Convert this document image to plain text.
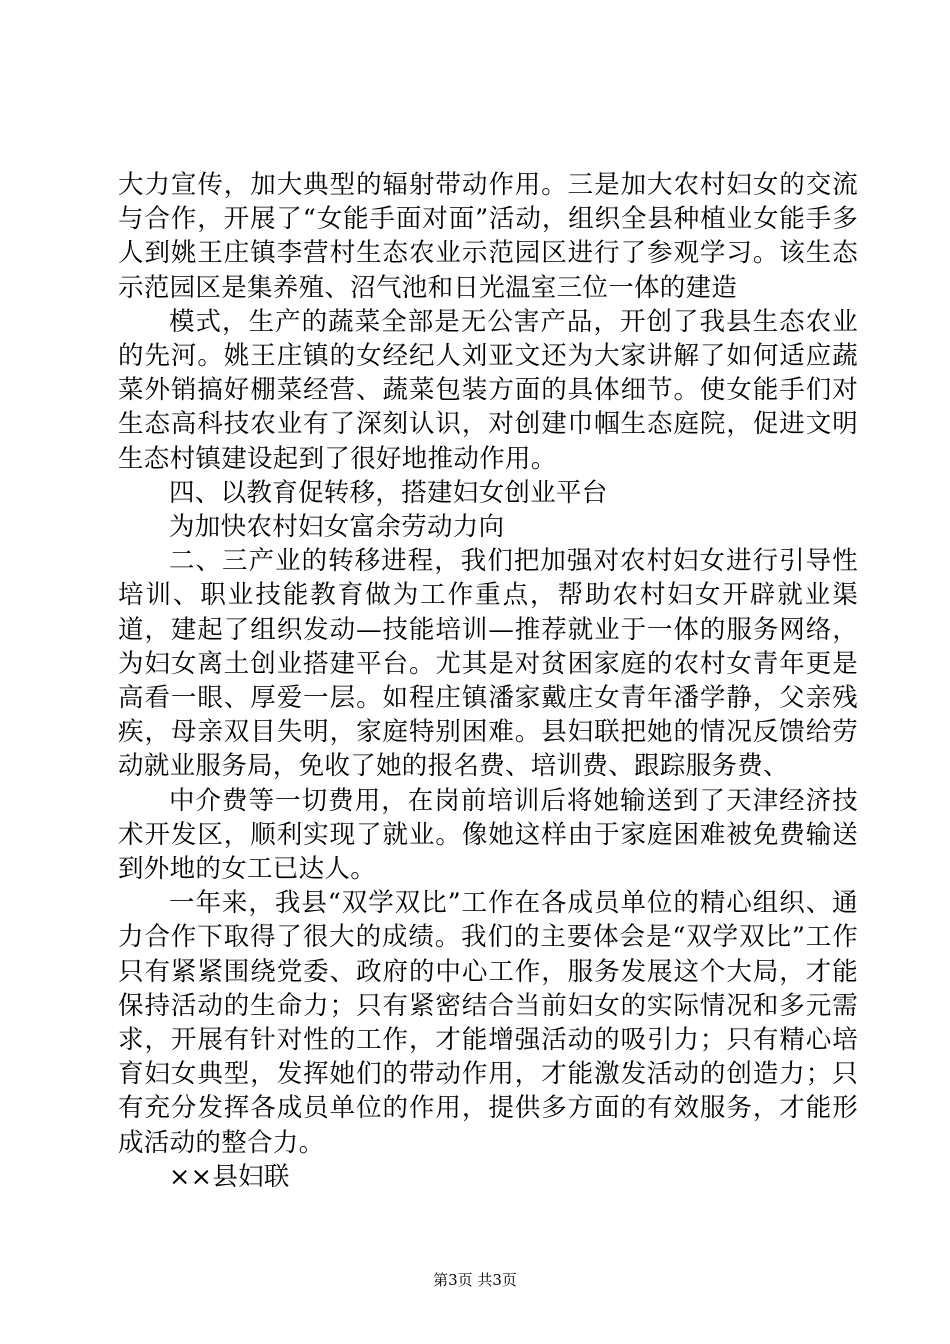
大力宣传，加大典型的辐射带动作用。三是加大农村妇女的交流与合作，开展了“女能手面对面”活动，组织全县种植业女能手多人到姚王庄镇李营村生态农业示范园区进行了参观学习。该生态示范园区是集养殖、沼气池和日光温室三位一体的建造

模式，生产的蔬菜全部是无公害产品，开创了我县生态农业的先河。姚王庄镇的女经纪人刘亚文还为大家讲解了如何适应蔬菜外销搞好棚菜经营、蔬菜包装方面的具体细节。使女能手们对生态高科技农业有了深刻认识，对创建巾帼生态庭院，促进文明生态村镇建设起到了很好地推动作用。

四、以教育促转移，搭建妇女创业平台

为加快农村妇女富余劳动力向

二、三产业的转移进程，我们把加强对农村妇女进行引导性培训、职业技能教育做为工作重点，帮助农村妇女开辟就业渠道，建起了组织发动—技能培训—推荐就业于一体的服务网络，为妇女离土创业搭建平台。尤其是对贫困家庭的农村女青年更是高看一眼、厚爱一层。如程庄镇潘家戴庄女青年潘学静，父亲残疾，母亲双目失明，家庭特别困难。县妇联把她的情况反馈给劳动就业服务局，免收了她的报名费、培训费、跟踪服务费、

中介费等一切费用，在岗前培训后将她输送到了天津经济技术开发区，顺利实现了就业。像她这样由于家庭困难被免费输送到外地的女工已达人。

一年来，我县“双学双比”工作在各成员单位的精心组织、通力合作下取得了很大的成绩。我们的主要体会是“双学双比”工作只有紧紧围绕党委、政府的中心工作，服务发展这个大局，才能保持活动的生命力；只有紧密结合当前妇女的实际情况和多元需求，开展有针对性的工作，才能增强活动的吸引力；只有精心培育妇女典型，发挥她们的带动作用，才能激发活动的创造力；只有充分发挥各成员单位的作用，提供多方面的有效服务，才能形成活动的整合力。

××县妇联

第3页 共3页
